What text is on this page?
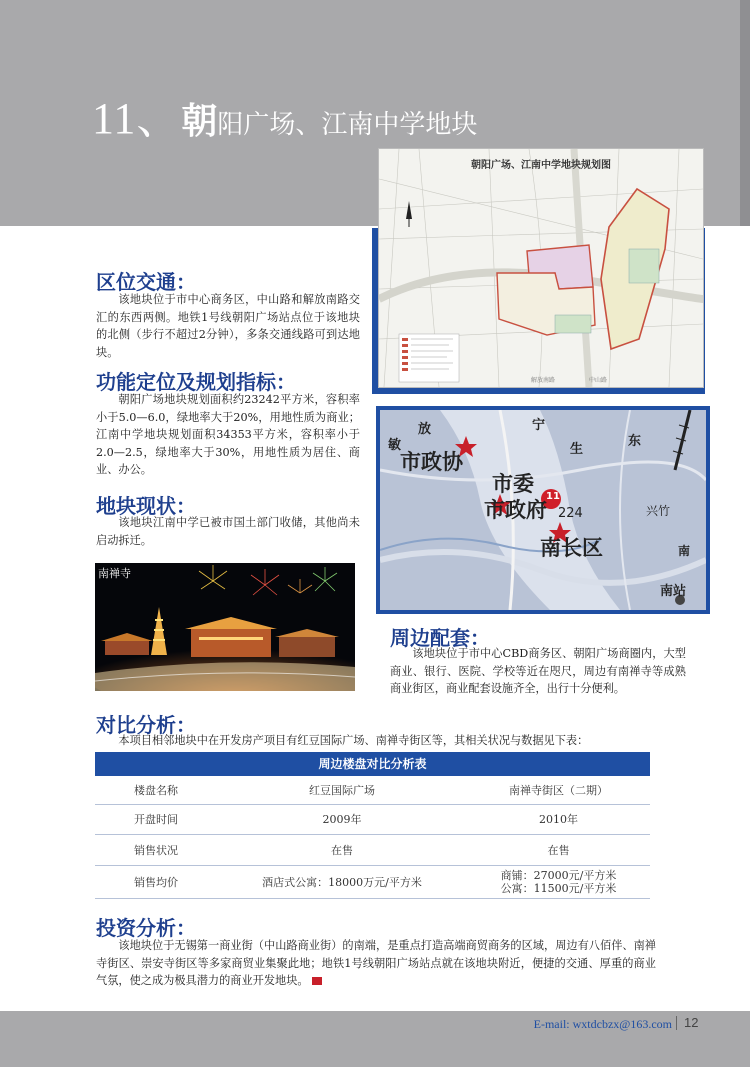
11、朝阳广场、江南中学地块
区位交通：
该地块位于市中心商务区，中山路和解放南路交汇的东西两侧。地铁1号线朝阳广场站点位于该地块的北侧（步行不超过2分钟），多条交通线路可到达地块。
功能定位及规划指标：
朝阳广场地块规划面积约23242平方米，容积率小于5.0—6.0，绿地率大于20%，用地性质为商业；江南中学地块规划面积34353平方米，容积率小于2.0—2.5，绿地率大于30%，用地性质为居住、商业、办公。
地块现状：
该地块江南中学已被市国土部门收储，其他尚未启动拆迁。
南禅寺
朝阳广场、江南中学地块规划图
中山路
解放南路
市政协
市委
市政府
南长区
兴竹
南站
东
南
宁
生
放
敏
11
224
周边配套：
该地块位于市中心CBD商务区、朝阳广场商圈内，大型商业、银行、医院、学校等近在咫尺，周边有南禅寺等成熟商业街区，商业配套设施齐全，出行十分便利。
对比分析：
本项目相邻地块中在开发房产项目有红豆国际广场、南禅寺街区等，其相关状况与数据见下表：
周边楼盘对比分析表
楼盘名称	红豆国际广场	南禅寺街区（二期）
开盘时间	2009年	2010年
销售状况	在售	在售
销售均价	酒店式公寓：18000万元/平方米	商铺：27000元/平方米
公寓：11500元/平方米
投资分析：
该地块位于无锡第一商业街（中山路商业街）的南端，是重点打造高端商贸商务的区域，周边有八佰伴、南禅寺街区、崇安寺街区等多家商贸业集聚此地；地铁1号线朝阳广场站点就在该地块附近，便捷的交通、厚重的商业气氛，使之成为极具潜力的商业开发地块。
E-mail: wxtdcbzx@163.com 12
